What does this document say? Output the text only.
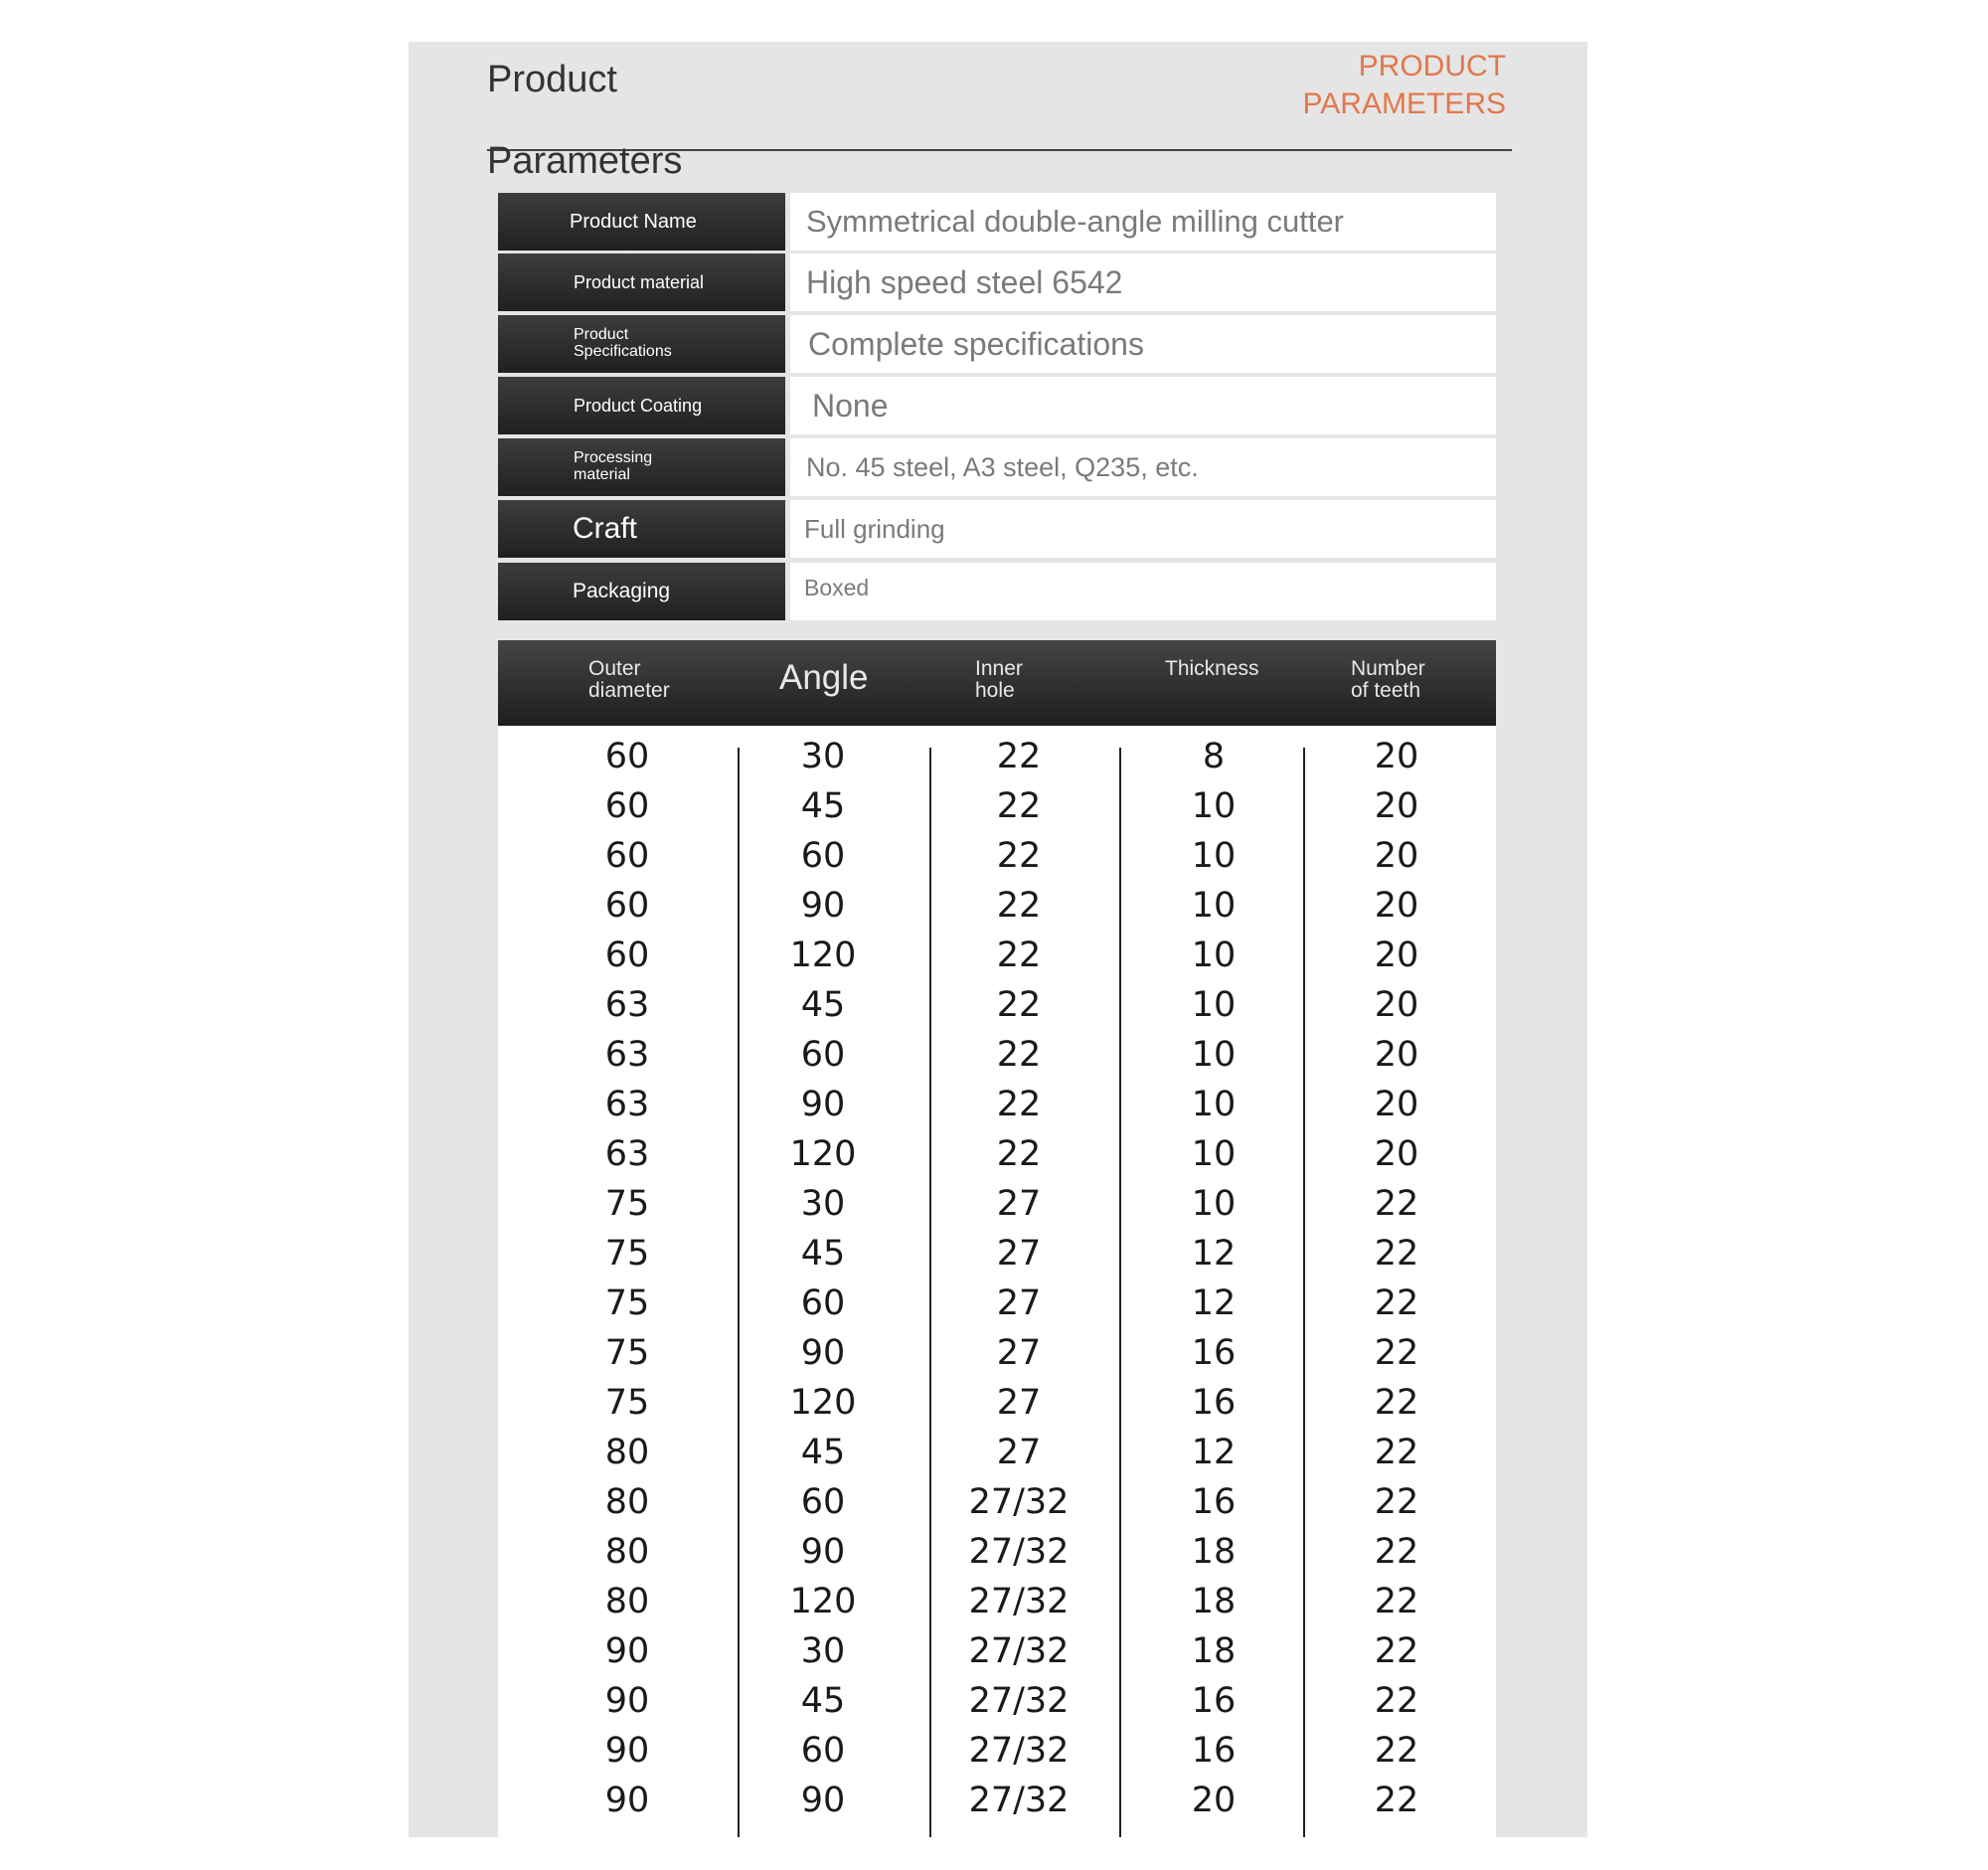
Product
Parameters
PRODUCT
PARAMETERS
Product Name	Symmetrical double-angle milling cutter
Product material	High speed steel 6542
Product
Specifications	Complete specifications
Product Coating	None
Processing
material	No. 45 steel, A3 steel, Q235, etc.
Craft	Full grinding
Packaging	Boxed
Outer
diameter	Angle	Inner
hole
Thickness	Number
of teeth
60	30	22	8	20
60	45	22	10	20
60	60	22	10	20
60	90	22	10	20
60	120	22	10	20
63	45	22	10	20
63	60	22	10	20
63	90	22	10	20
63	120	22	10	20
75	30	27	10	22
75	45	27	12	22
75	60	27	12	22
75	90	27	16	22
75	120	27	16	22
80	45	27	12	22
80	60	27/32	16	22
80	90	27/32	18	22
80	120	27/32	18	22
90	30	27/32	18	22
90	45	27/32	16	22
90	60	27/32	16	22
90	90	27/32	20	22
